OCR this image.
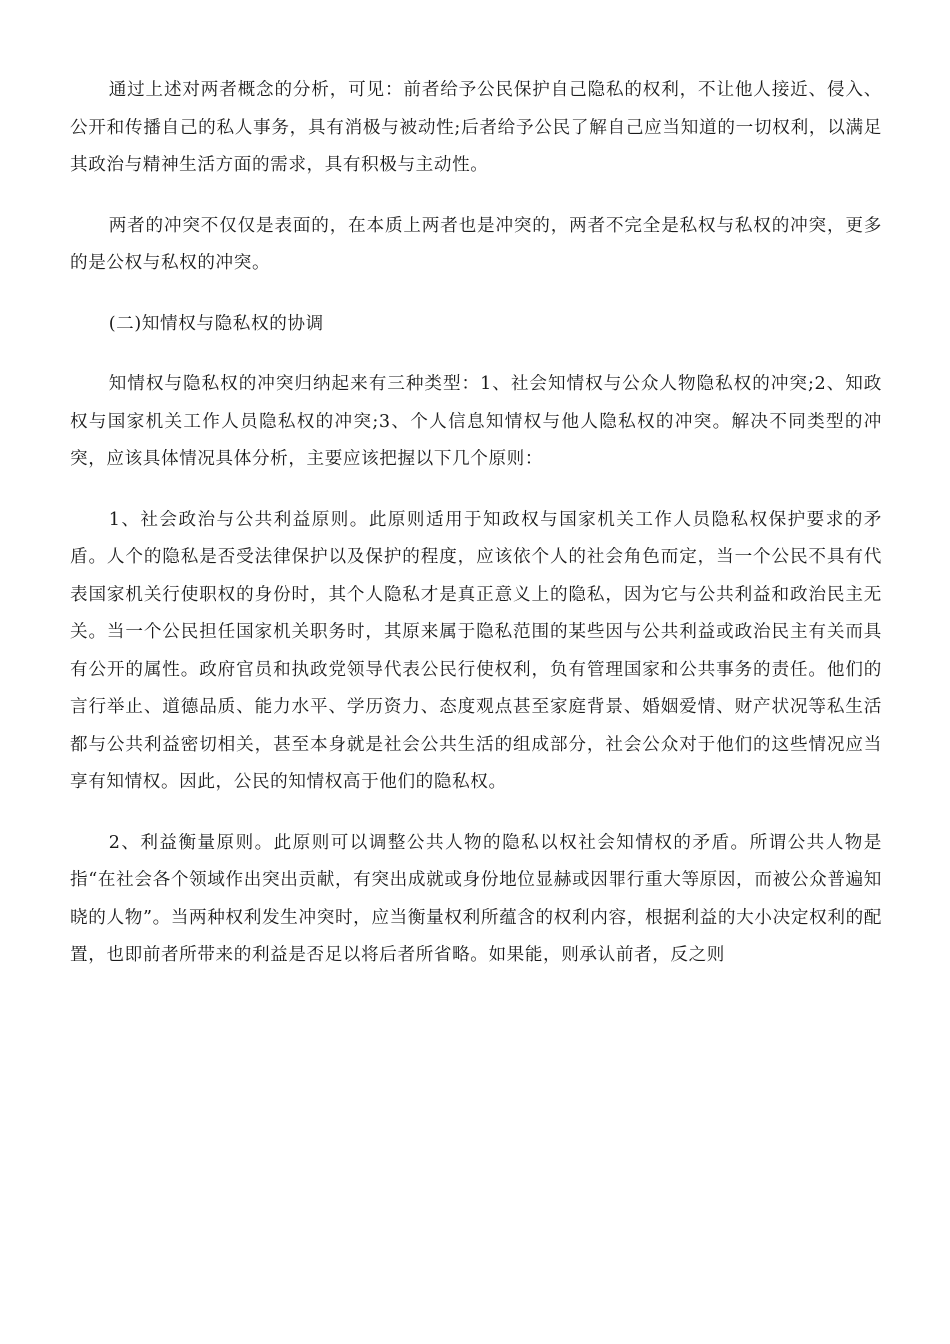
通过上述对两者概念的分析，可见：前者给予公民保护自己隐私的权利，不让他人接近、侵入、公开和传播自己的私人事务，具有消极与被动性;后者给予公民了解自己应当知道的一切权利，以满足其政治与精神生活方面的需求，具有积极与主动性。

两者的冲突不仅仅是表面的，在本质上两者也是冲突的，两者不完全是私权与私权的冲突，更多的是公权与私权的冲突。

(二)知情权与隐私权的协调

知情权与隐私权的冲突归纳起来有三种类型：1、社会知情权与公众人物隐私权的冲突;2、知政权与国家机关工作人员隐私权的冲突;3、个人信息知情权与他人隐私权的冲突。解决不同类型的冲突，应该具体情况具体分析，主要应该把握以下几个原则：

1、社会政治与公共利益原则。此原则适用于知政权与国家机关工作人员隐私权保护要求的矛盾。人个的隐私是否受法律保护以及保护的程度，应该依个人的社会角色而定，当一个公民不具有代表国家机关行使职权的身份时，其个人隐私才是真正意义上的隐私，因为它与公共利益和政治民主无关。当一个公民担任国家机关职务时，其原来属于隐私范围的某些因与公共利益或政治民主有关而具有公开的属性。政府官员和执政党领导代表公民行使权利，负有管理国家和公共事务的责任。他们的言行举止、道德品质、能力水平、学历资力、态度观点甚至家庭背景、婚姻爱情、财产状况等私生活都与公共利益密切相关，甚至本身就是社会公共生活的组成部分，社会公众对于他们的这些情况应当享有知情权。因此，公民的知情权高于他们的隐私权。

2、利益衡量原则。此原则可以调整公共人物的隐私以权社会知情权的矛盾。所谓公共人物是指“在社会各个领域作出突出贡献，有突出成就或身份地位显赫或因罪行重大等原因，而被公众普遍知晓的人物”。当两种权利发生冲突时，应当衡量权利所蕴含的权利内容，根据利益的大小决定权利的配置，也即前者所带来的利益是否足以将后者所省略。如果能，则承认前者，反之则
